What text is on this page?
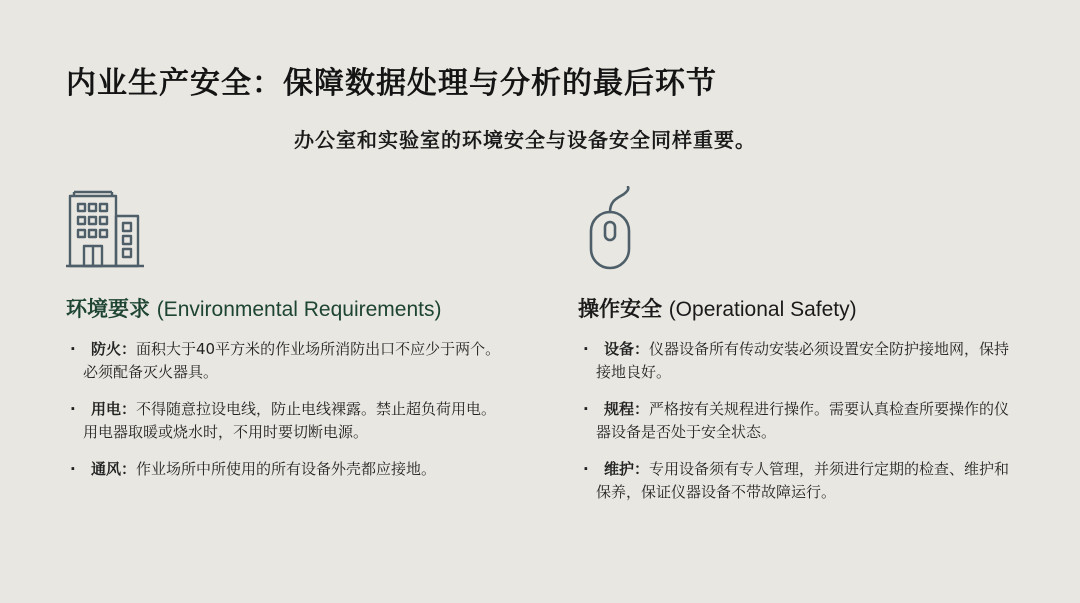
内业生产安全：保障数据处理与分析的最后环节
办公室和实验室的环境安全与设备安全同样重要。
环境要求 (Environmental Requirements)	操作安全 (Operational Safety)
·	防火：面积大于40平方米的作业场所消防出口不应少于两个。必须配备灭火器具。
·	用电：不得随意拉设电线，防止电线裸露。禁止超负荷用电。用电器取暖或烧水时，不用时要切断电源。
·	通风：作业场所中所使用的所有设备外壳都应接地。
·	设备：仪器设备所有传动安装必须设置安全防护接地网，保持接地良好。
·	规程：严格按有关规程进行操作。需要认真检查所要操作的仪器设备是否处于安全状态。
·	维护：专用设备须有专人管理，并须进行定期的检查、维护和保养，保证仪器设备不带故障运行。
